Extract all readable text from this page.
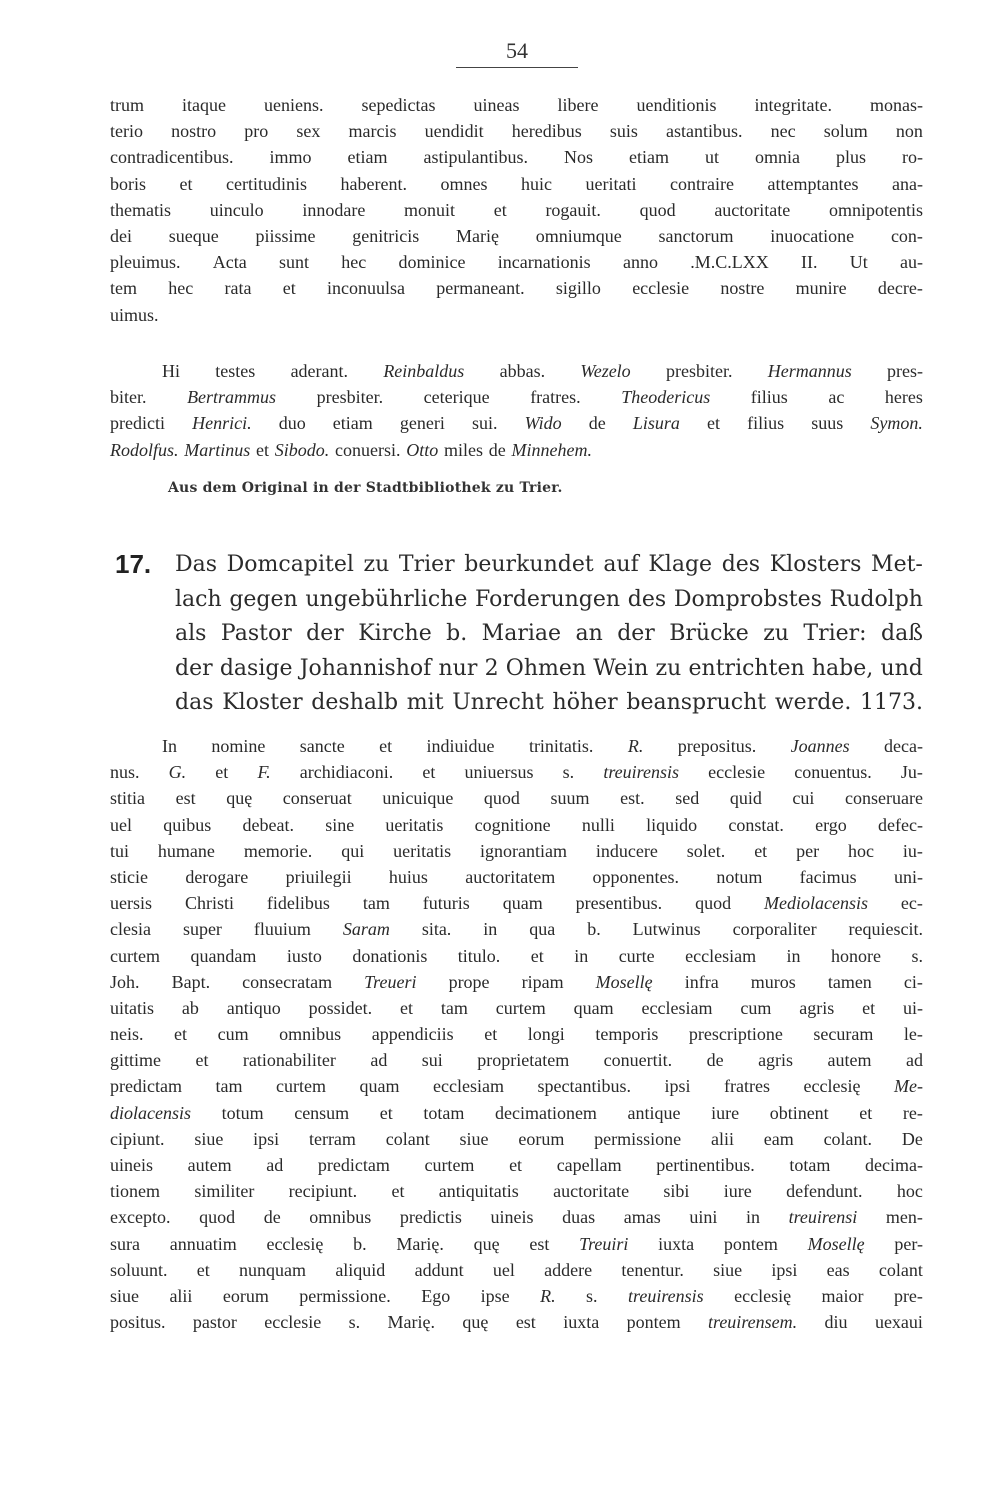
54
trum itaque ueniens. sepedictas uineas libere uenditionis integritate. monas-
terio nostro pro sex marcis uendidit heredibus suis astantibus. nec solum non
contradicentibus. immo etiam astipulantibus. Nos etiam ut omnia plus ro-
boris et certitudinis haberent. omnes huic ueritati contraire attemptantes ana-
thematis uinculo innodare monuit et rogauit. quod auctoritate omnipotentis
dei sueque piissime genitricis Marię omniumque sanctorum inuocatione con-
pleuimus. Acta sunt hec dominice incarnationis anno .M.C.LXX II. Ut au-
tem hec rata et inconuulsa permaneant. sigillo ecclesie nostre munire decre-
uimus.
Hi testes aderant. Reinbaldus abbas. Wezelo presbiter. Hermannus pres-
biter. Bertrammus presbiter. ceterique fratres. Theodericus filius ac heres
predicti Henrici. duo etiam generi sui. Wido de Lisura et filius suus Symon.
Rodolfus. Martinus et Sibodo. conuersi. Otto miles de Minnehem.
Aus dem Original in der Stadtbibliothek zu Trier.
17. Das Domcapitel zu Trier beurkundet auf Klage des Klosters Met-
lach gegen ungebührliche Forderungen des Domprobstes Rudolph
als Pastor der Kirche b. Mariae an der Brücke zu Trier: daß
der dasige Johannishof nur 2 Ohmen Wein zu entrichten habe, und
das Kloster deshalb mit Unrecht höher beansprucht werde. 1173.
In nomine sancte et indiuidue trinitatis. R. prepositus. Joannes deca-
nus. G. et F. archidiaconi. et uniuersus s. treuirensis ecclesie conuentus. Ju-
stitia est quę conseruat unicuique quod suum est. sed quid cui conseruare
uel quibus debeat. sine ueritatis cognitione nulli liquido constat. ergo defec-
tui humane memorie. qui ueritatis ignorantiam inducere solet. et per hoc iu-
sticie derogare priuilegii huius auctoritatem opponentes. notum facimus uni-
uersis Christi fidelibus tam futuris quam presentibus. quod Mediolacensis ec-
clesia super fluuium Saram sita. in qua b. Lutwinus corporaliter requiescit.
curtem quandam iusto donationis titulo. et in curte ecclesiam in honore s.
Joh. Bapt. consecratam Treueri prope ripam Mosellę infra muros tamen ci-
uitatis ab antiquo possidet. et tam curtem quam ecclesiam cum agris et ui-
neis. et cum omnibus appendiciis et longi temporis prescriptione securam le-
gittime et rationabiliter ad sui proprietatem conuertit. de agris autem ad
predictam tam curtem quam ecclesiam spectantibus. ipsi fratres ecclesię Me-
diolacensis totum censum et totam decimationem antique iure obtinent et re-
cipiunt. siue ipsi terram colant siue eorum permissione alii eam colant. De
uineis autem ad predictam curtem et capellam pertinentibus. totam decima-
tionem similiter recipiunt. et antiquitatis auctoritate sibi iure defendunt. hoc
excepto. quod de omnibus predictis uineis duas amas uini in treuirensi men-
sura annuatim ecclesię b. Marię. quę est Treuiri iuxta pontem Mosellę per-
soluunt. et nunquam aliquid addunt uel addere tenentur. siue ipsi eas colant
siue alii eorum permissione. Ego ipse R. s. treuirensis ecclesię maior pre-
positus. pastor ecclesie s. Marię. quę est iuxta pontem treuirensem. diu uexaui
